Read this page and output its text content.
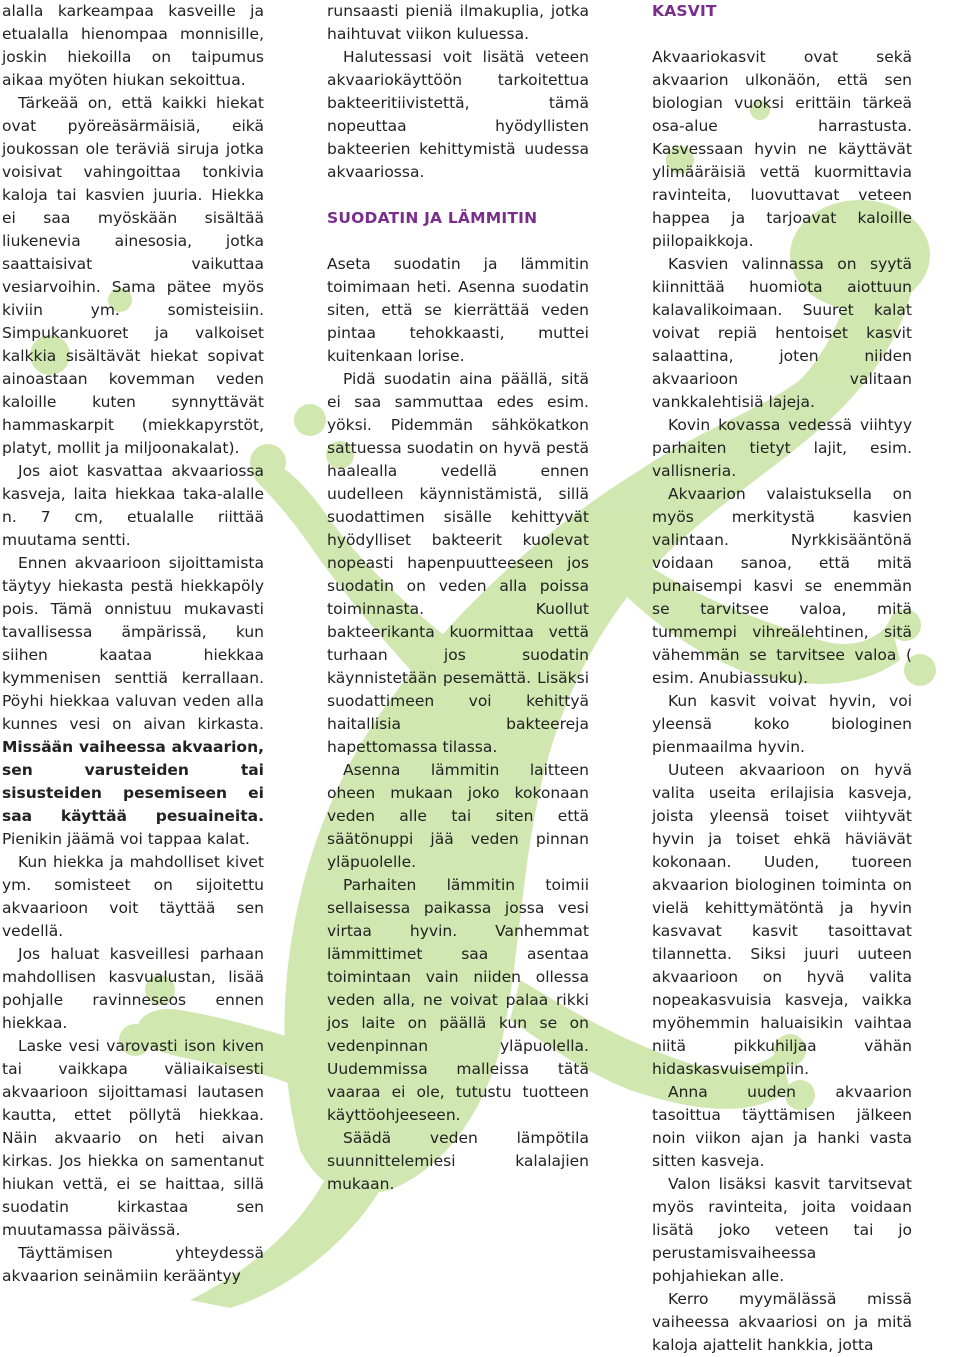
alalla karkeampaa kasveille ja etualalla hienompaa monnisille, joskin hiekoilla on taipumus aikaa myöten hiukan sekoittua.

Tärkeää on, että kaikki hiekat ovat pyöreäsärmäisiä, eikä joukossan ole teräviä siruja jotka voisivat vahingoittaa tonkivia kaloja tai kasvien juuria. Hiekka ei saa myöskään sisältää liukenevia ainesosia, jotka saattaisivat vaikuttaa vesiarvoihin. Sama pätee myös kiviin ym. somisteisiin. Simpukankuoret ja valkoiset kalkkia sisältävät hiekat sopivat ainoastaan kovemman veden kaloille kuten synnyttävät hammaskarpit (miekkapyrstöt, platyt, mollit ja miljoonakalat).

Jos aiot kasvattaa akvaariossa kasveja, laita hiekkaa taka-alalle n. 7 cm, etualalle riittää muutama sentti.

Ennen akvaarioon sijoittamista täytyy hiekasta pestä hiekkapöly pois. Tämä onnistuu mukavasti tavallisessa ämpärissä, kun siihen kaataa hiekkaa kymmenisen senttiä kerrallaan. Pöyhi hiekkaa valuvan veden alla kunnes vesi on aivan kirkasta. Missään vaiheessa akvaarion, sen varusteiden tai sisusteiden pesemiseen ei saa käyttää pesuaineita. Pienikin jäämä voi tappaa kalat.

Kun hiekka ja mahdolliset kivet ym. somisteet on sijoitettu akvaarioon voit täyttää sen vedellä.

Jos haluat kasveillesi parhaan mahdollisen kasvualustan, lisää pohjalle ravinneseos ennen hiekkaa.

Laske vesi varovasti ison kiven tai vaikkapa väliaikaisesti akvaarioon sijoittamasi lautasen kautta, ettet pöllytä hiekkaa. Näin akvaario on heti aivan kirkas. Jos hiekka on samentanut hiukan vettä, ei se haittaa, sillä suodatin kirkastaa sen muutamassa päivässä.

Täyttämisen yhteydessä akvaarion seinämiin kerääntyy

runsaasti pieniä ilmakuplia, jotka haihtuvat viikon kuluessa.

Halutessasi voit lisätä veteen akvaariokäyttöön tarkoitettua bakteeritiivistettä, tämä nopeuttaa hyödyllisten bakteerien kehittymistä uudessa akvaariossa.

SUODATIN JA LÄMMITIN

Aseta suodatin ja lämmitin toimimaan heti. Asenna suodatin siten, että se kierrättää veden pintaa tehokkaasti, muttei kuitenkaan lorise.

Pidä suodatin aina päällä, sitä ei saa sammuttaa edes esim. yöksi. Pidemmän sähkökatkon sattuessa suodatin on hyvä pestä haalealla vedellä ennen uudelleen käynnistämistä, sillä suodattimen sisälle kehittyvät hyödylliset bakteerit kuolevat nopeasti hapenpuutteeseen jos suodatin on veden alla poissa toiminnasta. Kuollut bakteerikanta kuormittaa vettä turhaan jos suodatin käynnistetään pesemättä. Lisäksi suodattimeen voi kehittyä haitallisia bakteereja hapettomassa tilassa.

Asenna lämmitin laitteen oheen mukaan joko kokonaan veden alle tai siten että säätönuppi jää veden pinnan yläpuolelle.

Parhaiten lämmitin toimii sellaisessa paikassa jossa vesi virtaa hyvin. Vanhemmat lämmittimet saa asentaa toimintaan vain niiden ollessa veden alla, ne voivat palaa rikki jos laite on päällä kun se on vedenpinnan yläpuolella. Uudemmissa malleissa tätä vaaraa ei ole, tutustu tuotteen käyttöohjeeseen.

Säädä veden lämpötila suunnittelemiesi kalalajien mukaan.

KASVIT

Akvaariokasvit ovat sekä akvaarion ulkonäön, että sen biologian vuoksi erittäin tärkeä osa-alue harrastusta. Kasvessaan hyvin ne käyttävät ylimääräisiä vettä kuormittavia ravinteita, luovuttavat veteen happea ja tarjoavat kaloille piilopaikkoja.

Kasvien valinnassa on syytä kiinnittää huomiota aiottuun kalavalikoimaan. Suuret kalat voivat repiä hentoiset kasvit salaattina, joten niiden akvaarioon valitaan vankkalehtisiä lajeja.

Kovin kovassa vedessä viihtyy parhaiten tietyt lajit, esim. vallisneria.

Akvaarion valaistuksella on myös merkitystä kasvien valintaan. Nyrkkisääntönä voidaan sanoa, että mitä punaisempi kasvi se enemmän se tarvitsee valoa, mitä tummempi vihreälehtinen, sitä vähemmän se tarvitsee valoa ( esim. Anubiassuku).

Kun kasvit voivat hyvin, voi yleensä koko biologinen pienmaailma hyvin.

Uuteen akvaarioon on hyvä valita useita erilajisia kasveja, joista yleensä toiset viihtyvät hyvin ja toiset ehkä häviävät kokonaan. Uuden, tuoreen akvaarion biologinen toiminta on vielä kehittymätöntä ja hyvin kasvavat kasvit tasoittavat tilannetta. Siksi juuri uuteen akvaarioon on hyvä valita nopeakasvuisia kasveja, vaikka myöhemmin haluaisikin vaihtaa niitä pikkuhiljaa vähän hidaskasvuisempiin.

Anna uuden akvaarion tasoittua täyttämisen jälkeen noin viikon ajan ja hanki vasta sitten kasveja.

Valon lisäksi kasvit tarvitsevat myös ravinteita, joita voidaan lisätä joko veteen tai jo perustamisvaiheessa pohjahiekan alle.

Kerro myymälässä missä vaiheessa akvaariosi on ja mitä kaloja ajattelit hankkia, jotta
